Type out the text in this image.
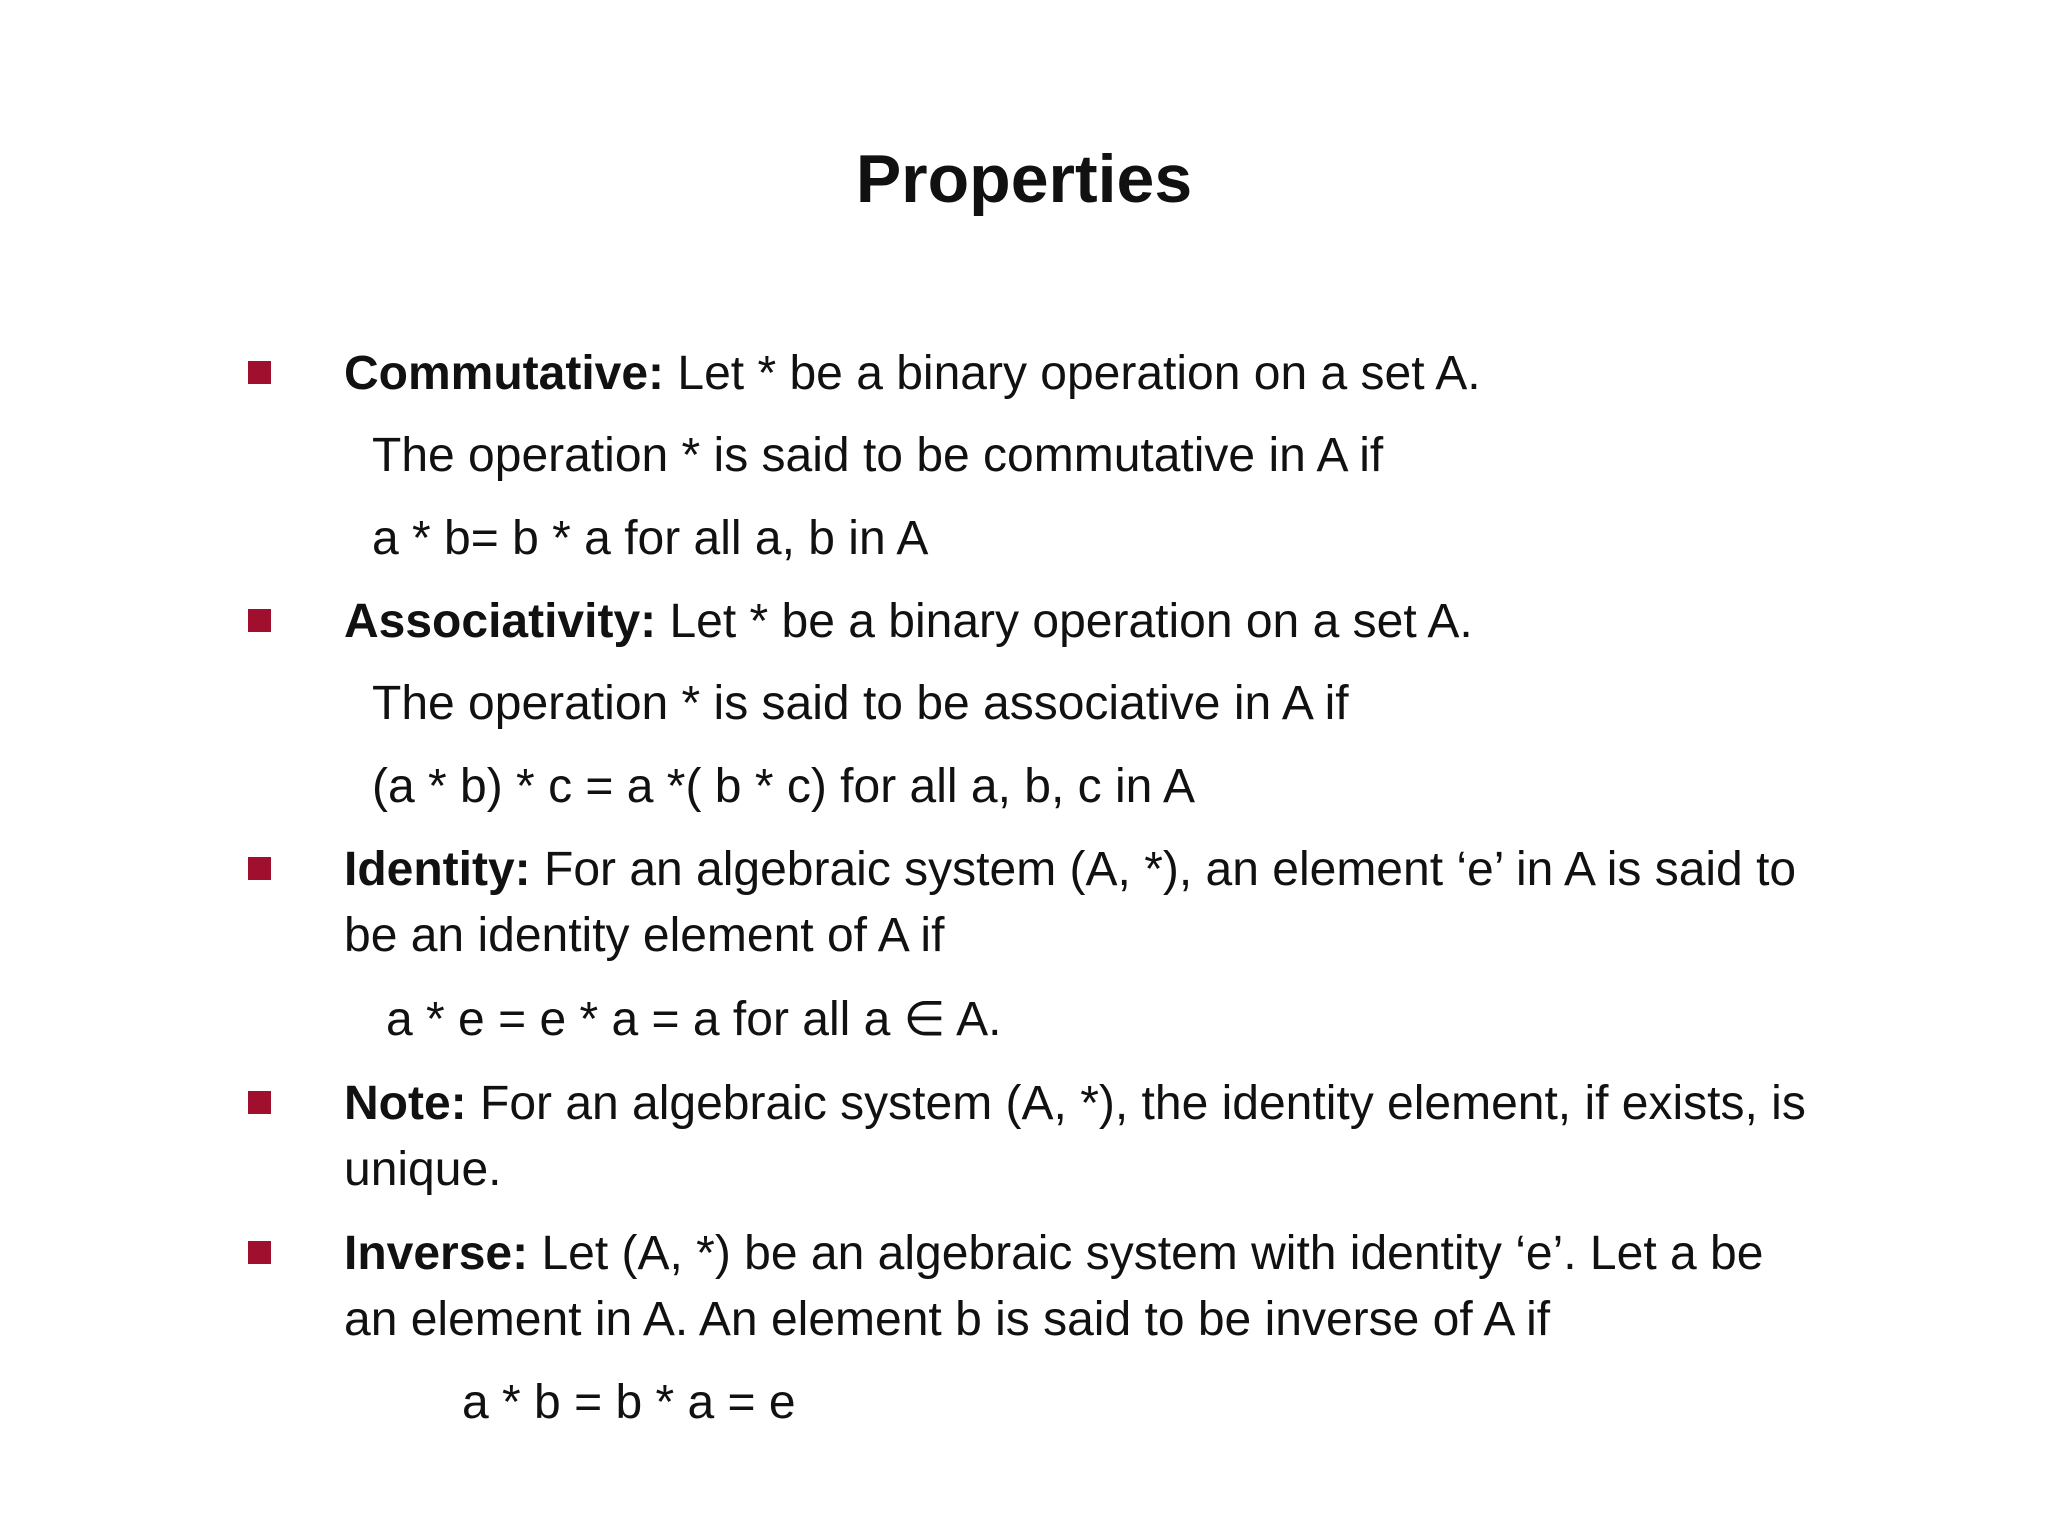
Properties
Commutative: Let * be a binary operation on a set A.
The operation * is said to be commutative in A if
a * b= b * a for all a, b in A
Associativity: Let * be a binary operation on a set A.
The operation * is said to be associative in A if
(a * b) * c = a *( b * c) for all a, b, c in A
Identity: For an algebraic system (A, *), an element ‘e’ in A is said to
be an identity element of A if
a * e = e * a = a for all a ∈ A.
Note: For an algebraic system (A, *), the identity element, if exists, is
unique.
Inverse: Let (A, *) be an algebraic system with identity ‘e’. Let a be
an element in A. An element b is said to be inverse of A if
a * b = b * a = e
